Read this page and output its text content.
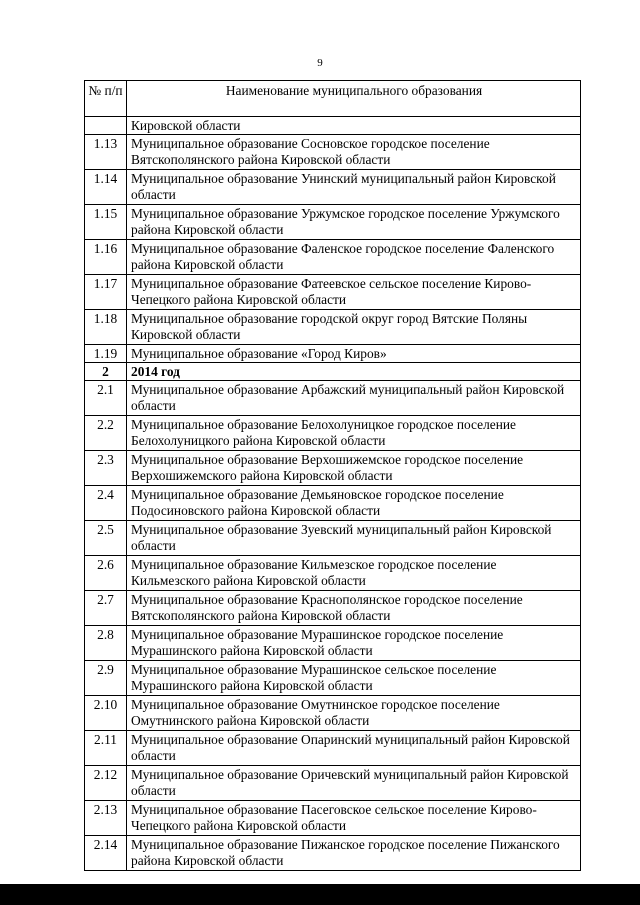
9
№ п/п	Наименование муниципального образования
	Кировской области
1.13	Муниципальное образование Сосновское городское поселение Вятскополянского района Кировской области
1.14	Муниципальное образование Унинский муниципальный район Кировской области
1.15	Муниципальное образование Уржумское городское поселение Уржумского района Кировской области
1.16	Муниципальное образование Фаленское городское поселение Фаленского района Кировской области
1.17	Муниципальное образование Фатеевское сельское поселение Кирово-Чепецкого района Кировской области
1.18	Муниципальное образование городской округ город Вятские Поляны Кировской области
1.19	Муниципальное образование «Город Киров»
2	2014 год
2.1	Муниципальное образование Арбажский муниципальный район Кировской области
2.2	Муниципальное образование Белохолуницкое городское поселение Белохолуницкого района Кировской области
2.3	Муниципальное образование Верхошижемское городское поселение Верхошижемского района Кировской области
2.4	Муниципальное образование Демьяновское городское поселение Подосиновского района Кировской области
2.5	Муниципальное образование Зуевский муниципальный район Кировской области
2.6	Муниципальное образование Кильмезское городское поселение Кильмезского района Кировской области
2.7	Муниципальное образование Краснополянское городское поселение Вятскополянского района Кировской области
2.8	Муниципальное образование Мурашинское городское поселение Мурашинского района Кировской области
2.9	Муниципальное образование Мурашинское сельское поселение Мурашинского района Кировской области
2.10	Муниципальное образование Омутнинское городское поселение Омутнинского района Кировской области
2.11	Муниципальное образование Опаринский муниципальный район Кировской области
2.12	Муниципальное образование Оричевский муниципальный район Кировской области
2.13	Муниципальное образование Пасеговское сельское поселение Кирово-Чепецкого района Кировской области
2.14	Муниципальное образование Пижанское городское поселение Пижанского района Кировской области
